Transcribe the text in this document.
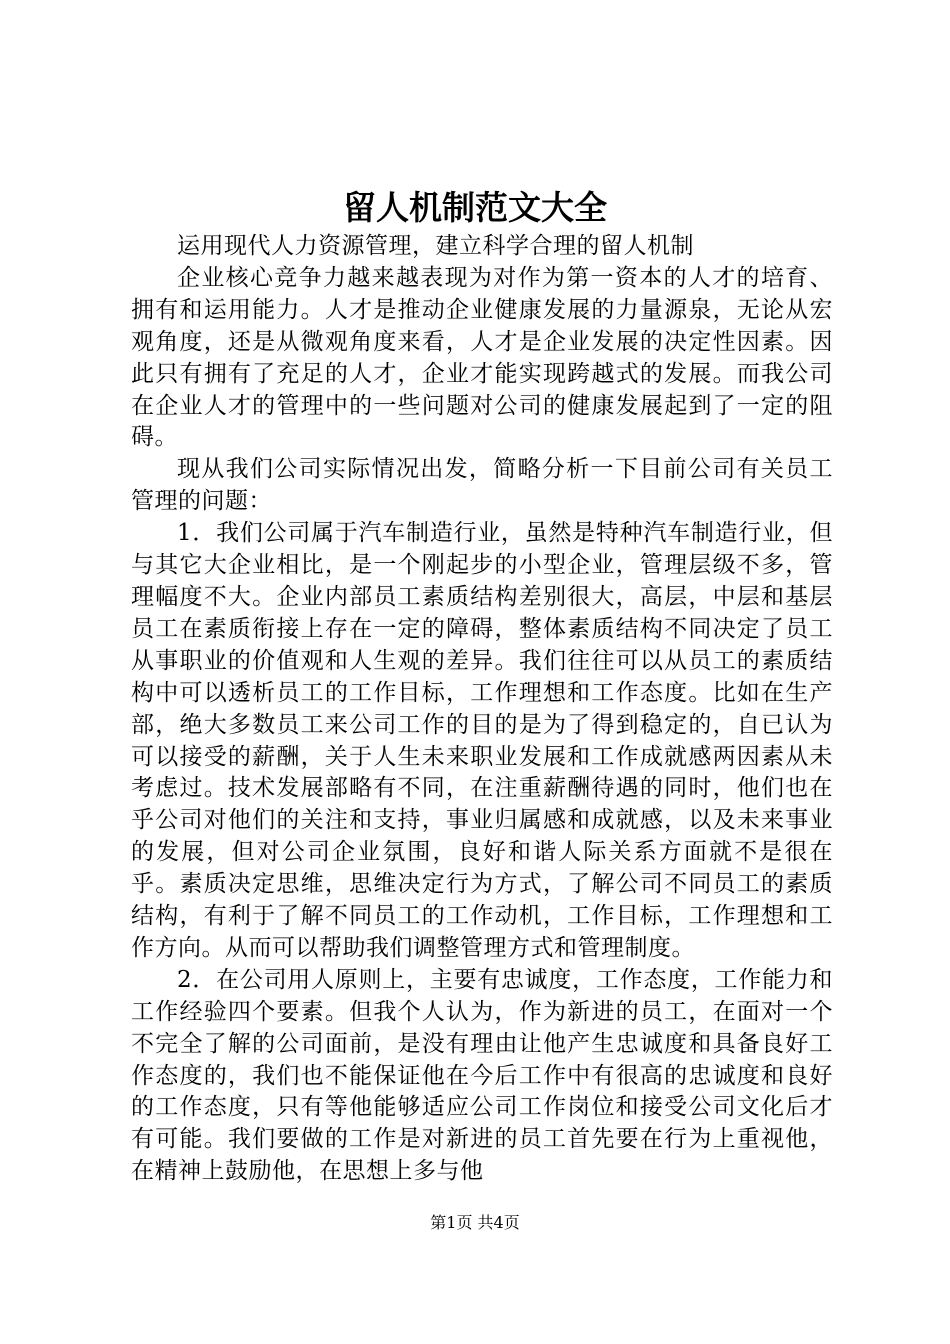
留人机制范文大全

运用现代人力资源管理，建立科学合理的留人机制

企业核心竞争力越来越表现为对作为第一资本的人才的培育、拥有和运用能力。人才是推动企业健康发展的力量源泉，无论从宏观角度，还是从微观角度来看，人才是企业发展的决定性因素。因此只有拥有了充足的人才，企业才能实现跨越式的发展。而我公司在企业人才的管理中的一些问题对公司的健康发展起到了一定的阻碍。

现从我们公司实际情况出发，简略分析一下目前公司有关员工管理的问题：

1．我们公司属于汽车制造行业，虽然是特种汽车制造行业，但与其它大企业相比，是一个刚起步的小型企业，管理层级不多，管理幅度不大。企业内部员工素质结构差别很大，高层，中层和基层员工在素质衔接上存在一定的障碍，整体素质结构不同决定了员工从事职业的价值观和人生观的差异。我们往往可以从员工的素质结构中可以透析员工的工作目标，工作理想和工作态度。比如在生产部，绝大多数员工来公司工作的目的是为了得到稳定的，自已认为可以接受的薪酬，关于人生未来职业发展和工作成就感两因素从未考虑过。技术发展部略有不同，在注重薪酬待遇的同时，他们也在乎公司对他们的关注和支持，事业归属感和成就感，以及未来事业的发展，但对公司企业氛围，良好和谐人际关系方面就不是很在乎。素质决定思维，思维决定行为方式，了解公司不同员工的素质结构，有利于了解不同员工的工作动机，工作目标，工作理想和工作方向。从而可以帮助我们调整管理方式和管理制度。

2．在公司用人原则上，主要有忠诚度，工作态度，工作能力和工作经验四个要素。但我个人认为，作为新进的员工，在面对一个不完全了解的公司面前，是没有理由让他产生忠诚度和具备良好工作态度的，我们也不能保证他在今后工作中有很高的忠诚度和良好的工作态度，只有等他能够适应公司工作岗位和接受公司文化后才有可能。我们要做的工作是对新进的员工首先要在行为上重视他，在精神上鼓励他，在思想上多与他

第1页 共4页
